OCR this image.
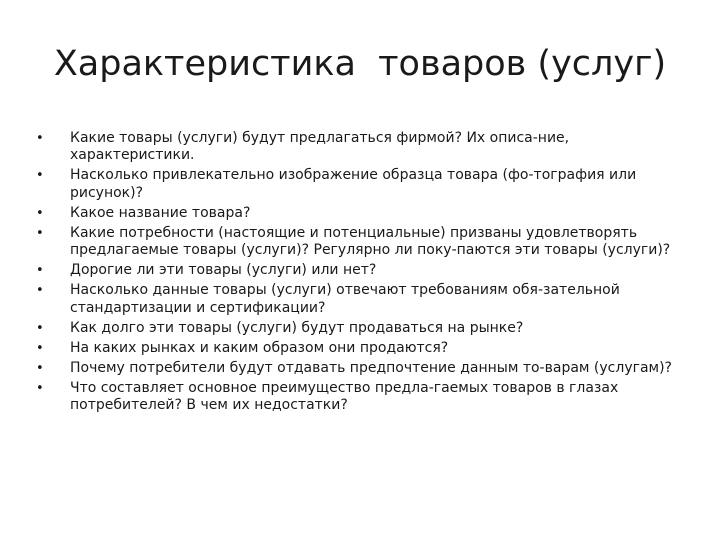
Характеристика  товаров (услуг)
•	Какие товары (услуги) будут предлагаться фирмой? Их описа-ние, характеристики.
•	Насколько привлекательно изображение образца товара (фо-тография или рисунок)?
•	Какое название товара?
•	Какие потребности (настоящие и потенциальные) призваны удовлетворять предлагаемые товары (услуги)? Регулярно ли поку-паются эти товары (услуги)?
•	Дорогие ли эти товары (услуги) или нет?
•	Насколько данные товары (услуги) отвечают требованиям обя-зательной стандартизации и сертификации?
•	Как долго эти товары (услуги) будут продаваться на рынке?
•	На каких рынках и каким образом они продаются?
•	Почему потребители будут отдавать предпочтение данным то-варам (услугам)?
•	Что составляет основное преимущество предла-гаемых товаров в глазах потребителей? В чем их недостатки?
